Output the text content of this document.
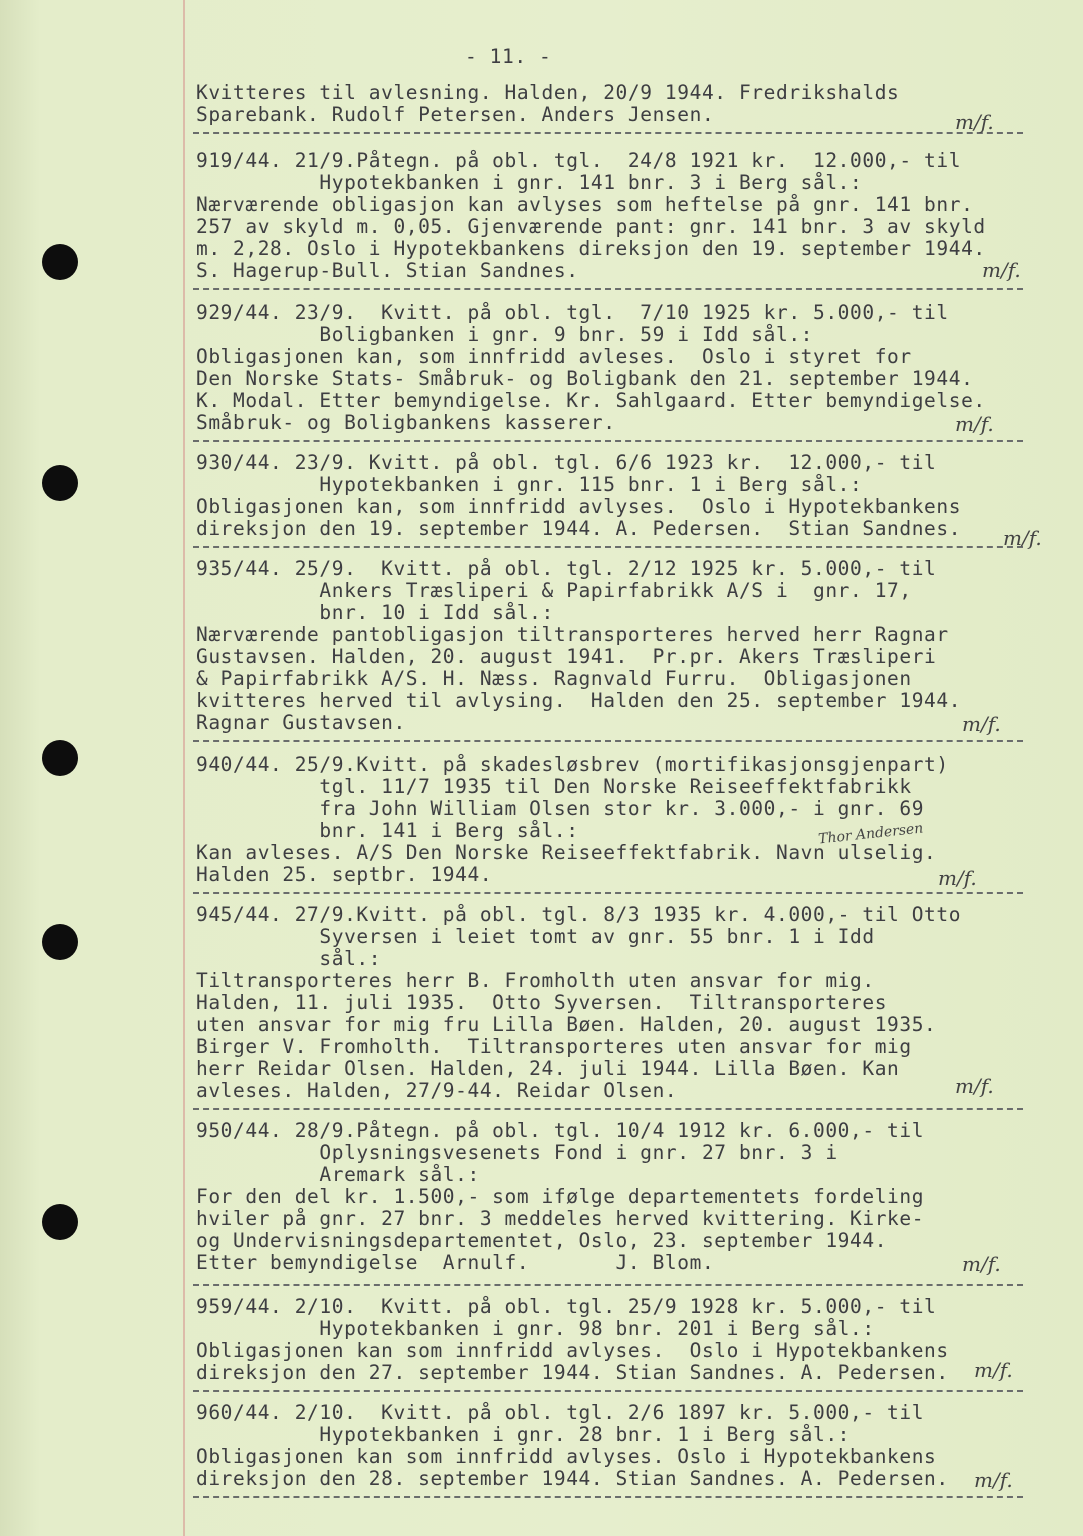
- 11. -
Kvitteres til avlesning. Halden, 20/9 1944. Fredrikshalds
Sparebank. Rudolf Petersen. Anders Jensen.	m/f.
919/44. 21/9.Påtegn. på obl. tgl.  24/8 1921 kr.  12.000,- til
Hypotekbanken i gnr. 141 bnr. 3 i Berg sål.:
Nærværende obligasjon kan avlyses som heftelse på gnr. 141 bnr.
257 av skyld m. 0,05. Gjenværende pant: gnr. 141 bnr. 3 av skyld
m. 2,28. Oslo i Hypotekbankens direksjon den 19. september 1944.
S. Hagerup-Bull. Stian Sandnes.	m/f.
929/44. 23/9.  Kvitt. på obl. tgl.  7/10 1925 kr. 5.000,- til
Boligbanken i gnr. 9 bnr. 59 i Idd sål.:
Obligasjonen kan, som innfridd avleses.  Oslo i styret for
Den Norske Stats- Småbruk- og Boligbank den 21. september 1944.
K. Modal. Etter bemyndigelse. Kr. Sahlgaard. Etter bemyndigelse.
Småbruk- og Boligbankens kasserer.	m/f.
930/44. 23/9. Kvitt. på obl. tgl. 6/6 1923 kr.  12.000,- til
Hypotekbanken i gnr. 115 bnr. 1 i Berg sål.:
Obligasjonen kan, som innfridd avlyses.  Oslo i Hypotekbankens
direksjon den 19. september 1944. A. Pedersen.  Stian Sandnes. m/f.
935/44. 25/9.  Kvitt. på obl. tgl. 2/12 1925 kr. 5.000,- til
Ankers Træsliperi & Papirfabrikk A/S i  gnr. 17,
bnr. 10 i Idd sål.:
Nærværende pantobligasjon tiltransporteres herved herr Ragnar
Gustavsen. Halden, 20. august 1941.  Pr.pr. Akers Træsliperi
& Papirfabrikk A/S. H. Næss. Ragnvald Furru.  Obligasjonen
kvitteres herved til avlysing.  Halden den 25. september 1944.
Ragnar Gustavsen.	m/f.
940/44. 25/9.Kvitt. på skadesløsbrev (mortifikasjonsgjenpart)
tgl. 11/7 1935 til Den Norske Reiseeffektfabrikk
fra John William Olsen stor kr. 3.000,- i gnr. 69
bnr. 141 i Berg sål.:	Thor Andersen
Kan avleses. A/S Den Norske Reiseeffektfabrik. Navn ulselig.
Halden 25. septbr. 1944.	m/f.
945/44. 27/9.Kvitt. på obl. tgl. 8/3 1935 kr. 4.000,- til Otto
Syversen i leiet tomt av gnr. 55 bnr. 1 i Idd
sål.:
Tiltransporteres herr B. Fromholth uten ansvar for mig.
Halden, 11. juli 1935.  Otto Syversen.  Tiltransporteres
uten ansvar for mig fru Lilla Bøen. Halden, 20. august 1935.
Birger V. Fromholth.  Tiltransporteres uten ansvar for mig
herr Reidar Olsen. Halden, 24. juli 1944. Lilla Bøen. Kan
avleses. Halden, 27/9-44. Reidar Olsen.	m/f.
950/44. 28/9.Påtegn. på obl. tgl. 10/4 1912 kr. 6.000,- til
Oplysningsvesenets Fond i gnr. 27 bnr. 3 i
Aremark sål.:
For den del kr. 1.500,- som ifølge departementets fordeling
hviler på gnr. 27 bnr. 3 meddeles herved kvittering. Kirke-
og Undervisningsdepartementet, Oslo, 23. september 1944.
Etter bemyndigelse  Arnulf.       J. Blom.	m/f.
959/44. 2/10.  Kvitt. på obl. tgl. 25/9 1928 kr. 5.000,- til
Hypotekbanken i gnr. 98 bnr. 201 i Berg sål.:
Obligasjonen kan som innfridd avlyses.  Oslo i Hypotekbankens
direksjon den 27. september 1944. Stian Sandnes. A. Pedersen. m/f.
960/44. 2/10.  Kvitt. på obl. tgl. 2/6 1897 kr. 5.000,- til
Hypotekbanken i gnr. 28 bnr. 1 i Berg sål.:
Obligasjonen kan som innfridd avlyses. Oslo i Hypotekbankens
direksjon den 28. september 1944. Stian Sandnes. A. Pedersen. m/f.
